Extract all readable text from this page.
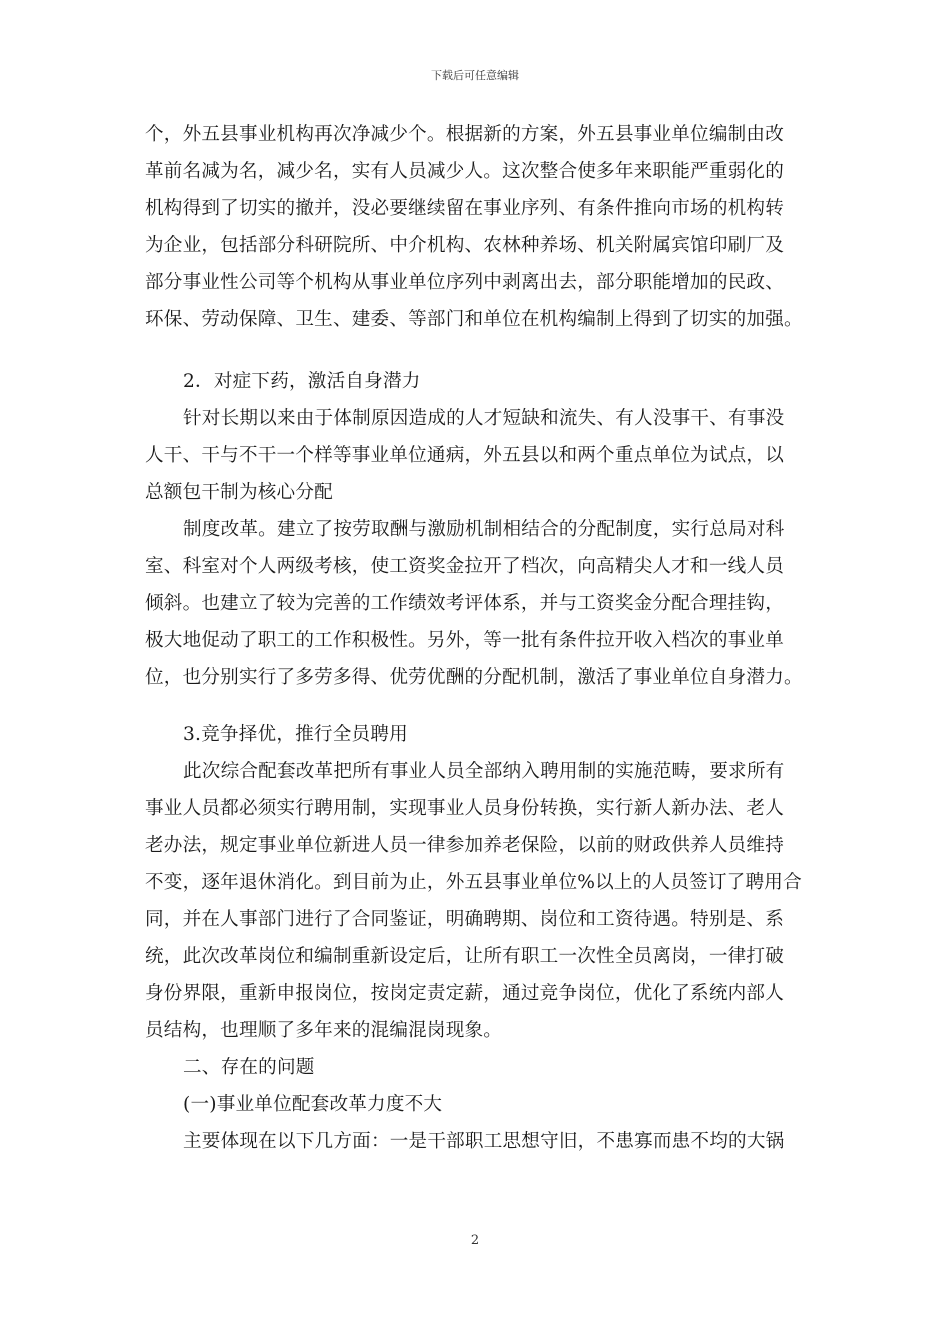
下载后可任意编辑
个，外五县事业机构再次净减少个。根据新的方案，外五县事业单位编制由改
革前名减为名，减少名，实有人员减少人。这次整合使多年来职能严重弱化的
机构得到了切实的撤并，没必要继续留在事业序列、有条件推向市场的机构转
为企业，包括部分科研院所、中介机构、农林种养场、机关附属宾馆印刷厂及
部分事业性公司等个机构从事业单位序列中剥离出去，部分职能增加的民政、
环保、劳动保障、卫生、建委、等部门和单位在机构编制上得到了切实的加强。
2．对症下药，激活自身潜力
针对长期以来由于体制原因造成的人才短缺和流失、有人没事干、有事没
人干、干与不干一个样等事业单位通病，外五县以和两个重点单位为试点，以
总额包干制为核心分配
制度改革。建立了按劳取酬与激励机制相结合的分配制度，实行总局对科
室、科室对个人两级考核，使工资奖金拉开了档次，向高精尖人才和一线人员
倾斜。也建立了较为完善的工作绩效考评体系，并与工资奖金分配合理挂钩，
极大地促动了职工的工作积极性。另外，等一批有条件拉开收入档次的事业单
位，也分别实行了多劳多得、优劳优酬的分配机制，激活了事业单位自身潜力。
3.竞争择优，推行全员聘用
此次综合配套改革把所有事业人员全部纳入聘用制的实施范畴，要求所有
事业人员都必须实行聘用制，实现事业人员身份转换，实行新人新办法、老人
老办法，规定事业单位新进人员一律参加养老保险，以前的财政供养人员维持
不变，逐年退休消化。到目前为止，外五县事业单位%以上的人员签订了聘用合
同，并在人事部门进行了合同鉴证，明确聘期、岗位和工资待遇。特别是、系
统，此次改革岗位和编制重新设定后，让所有职工一次性全员离岗，一律打破
身份界限，重新申报岗位，按岗定责定薪，通过竞争岗位，优化了系统内部人
员结构，也理顺了多年来的混编混岗现象。
二、存在的问题
(一)事业单位配套改革力度不大
主要体现在以下几方面：一是干部职工思想守旧，不患寡而患不均的大锅
2
